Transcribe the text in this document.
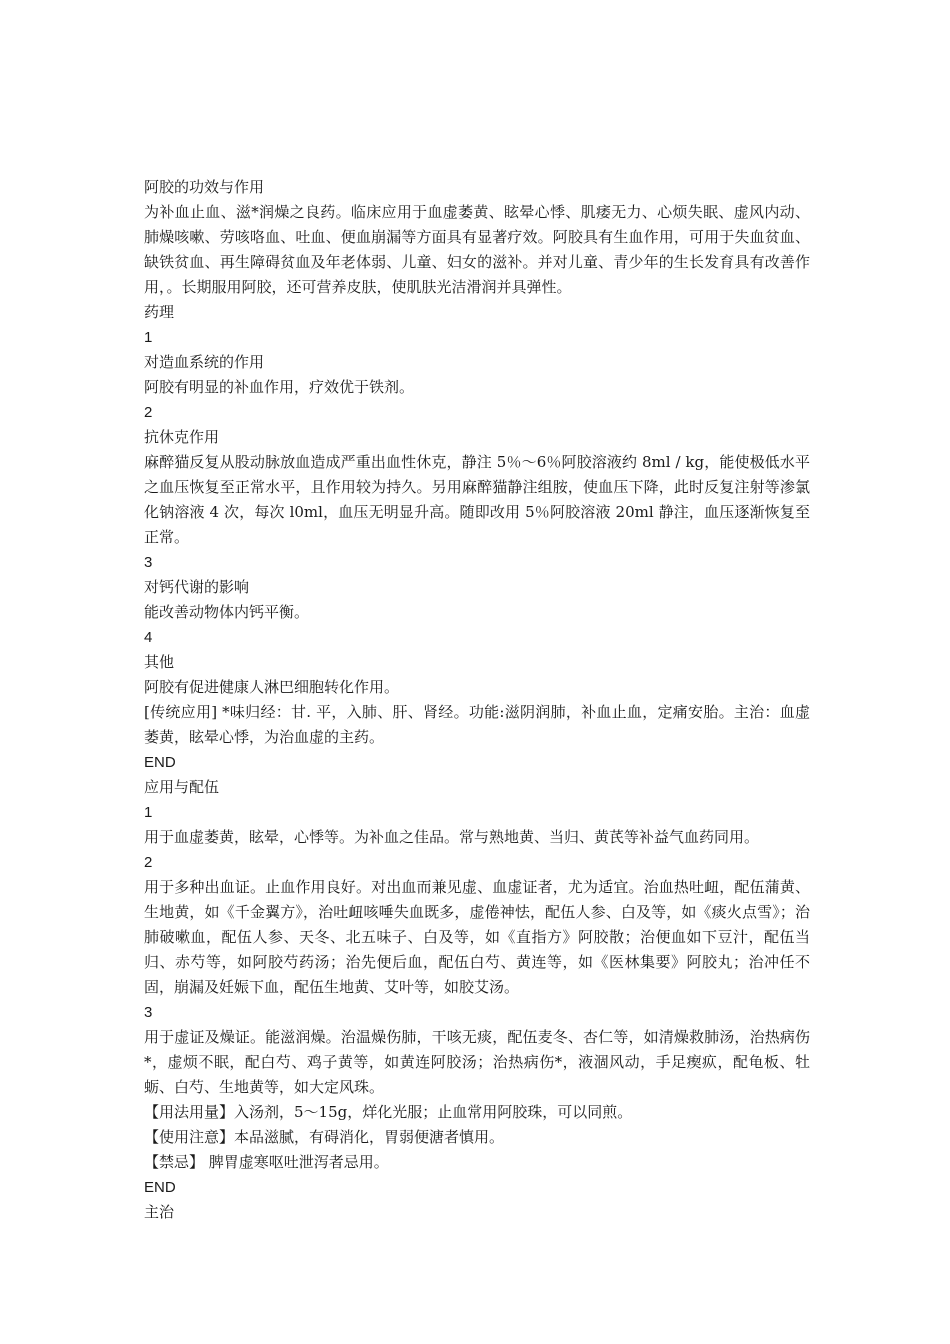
阿胶的功效与作用

为补血止血、滋*润燥之良药。临床应用于血虚萎黄、眩晕心悸、肌痿无力、心烦失眠、虚风内动、肺燥咳嗽、劳咳咯血、吐血、便血崩漏等方面具有显著疗效。阿胶具有生血作用，可用于失血贫血、缺铁贫血、再生障碍贫血及年老体弱、儿童、妇女的滋补。并对儿童、青少年的生长发育具有改善作用，。长期服用阿胶，还可营养皮肤，使肌肤光洁滑润并具弹性。

药理

1

对造血系统的作用

阿胶有明显的补血作用，疗效优于铁剂。

2

抗休克作用

麻醉猫反复从股动脉放血造成严重出血性休克，静注 5％～6％阿胶溶液约 8ml / kg，能使极低水平之血压恢复至正常水平，且作用较为持久。另用麻醉猫静注组胺，使血压下降，此时反复注射等渗氯化钠溶液 4 次，每次 l0ml，血压无明显升高。随即改用 5％阿胶溶液 20ml 静注，血压逐渐恢复至正常。

3

对钙代谢的影响

能改善动物体内钙平衡。

4

其他

阿胶有促进健康人淋巴细胞转化作用。

[传统应用] *味归经：甘. 平，入肺、肝、肾经。功能:滋阴润肺，补血止血，定痛安胎。主治：血虚萎黄，眩晕心悸，为治血虚的主药。

END

应用与配伍

1

用于血虚萎黄，眩晕，心悸等。为补血之佳品。常与熟地黄、当归、黄芪等补益气血药同用。

2

用于多种出血证。止血作用良好。对出血而兼见虚、血虚证者，尤为适宜。治血热吐衄，配伍蒲黄、生地黄，如《千金翼方》，治吐衄咳唾失血既多，虚倦神怯，配伍人参、白及等，如《痰火点雪》；治肺破嗽血，配伍人参、天冬、北五味子、白及等，如《直指方》阿胶散；治便血如下豆汁，配伍当归、赤芍等，如阿胶芍药汤；治先便后血，配伍白芍、黄连等，如《医林集要》阿胶丸；治冲任不固，崩漏及妊娠下血，配伍生地黄、艾叶等，如胶艾汤。

3

用于虚证及燥证。能滋润燥。治温燥伤肺，干咳无痰，配伍麦冬、杏仁等，如清燥救肺汤，治热病伤*，虚烦不眠，配白芍、鸡子黄等，如黄连阿胶汤；治热病伤*，液涸风动，手足瘈疭，配龟板、牡蛎、白芍、生地黄等，如大定风珠。

【用法用量】入汤剂，5～15g，烊化光服；止血常用阿胶珠，可以同煎。

【使用注意】本品滋腻，有碍消化，胃弱便溏者慎用。

【禁忌】 脾胃虚寒呕吐泄泻者忌用。

END

主治
